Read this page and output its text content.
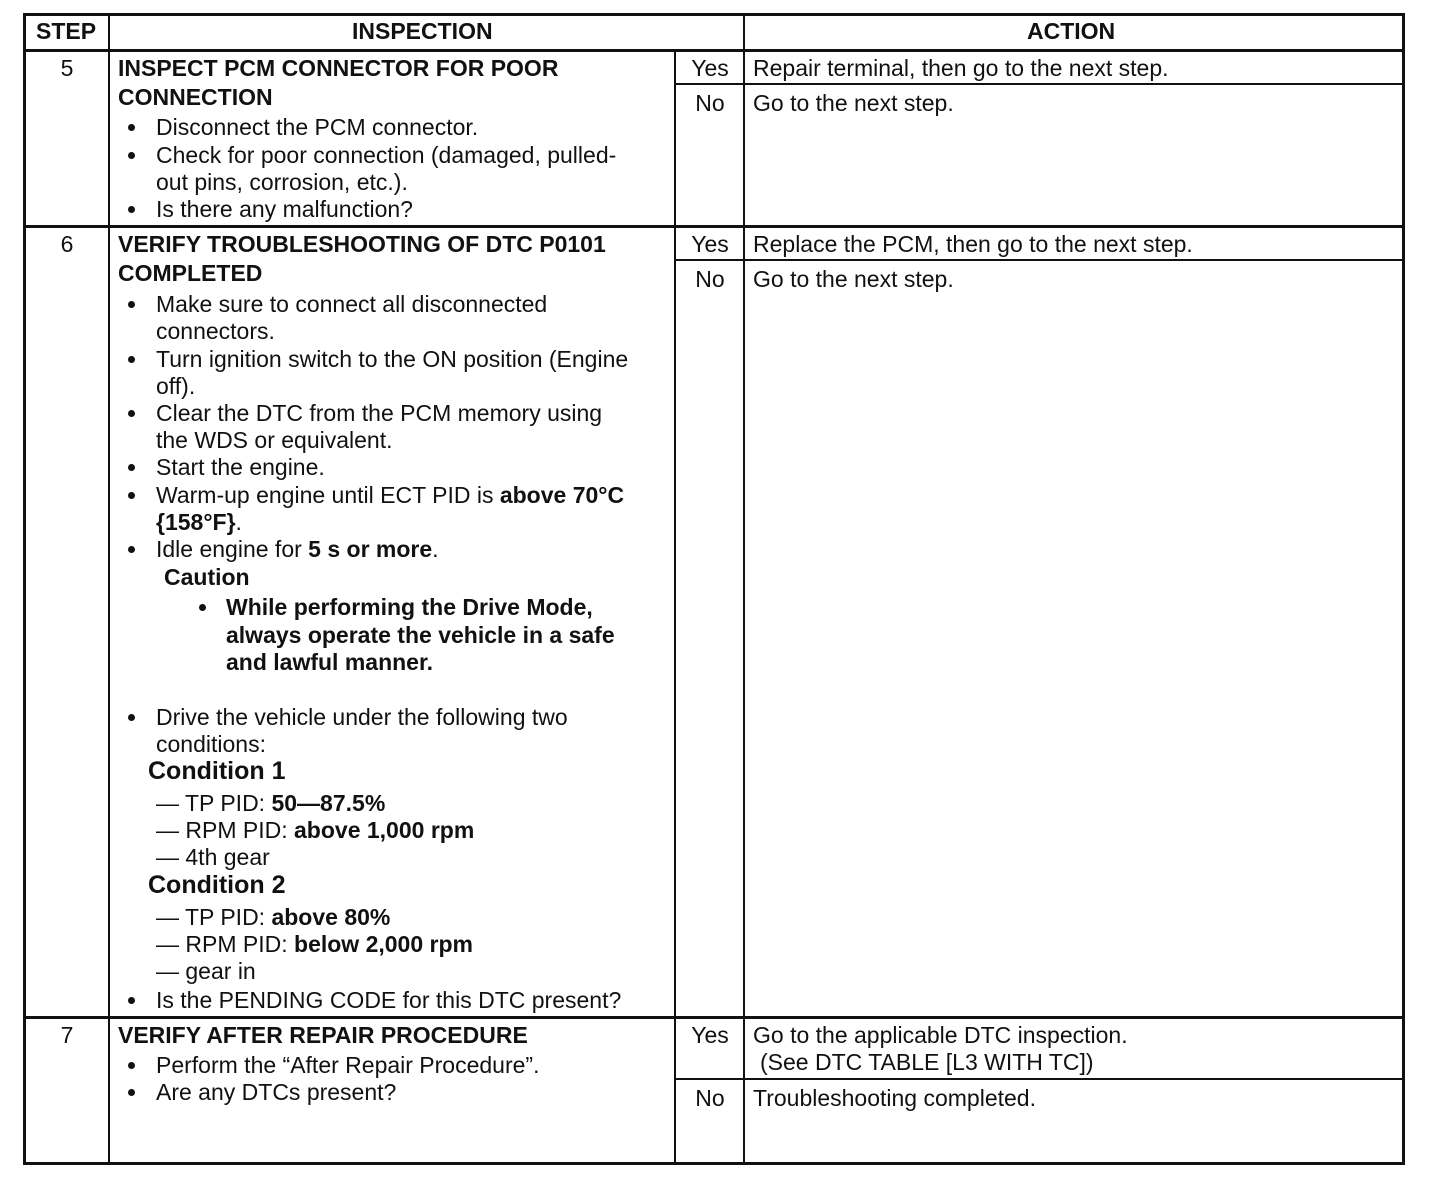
STEP	INSPECTION	ACTION
5	INSPECT PCM CONNECTOR FOR POOR
CONNECTION
Disconnect the PCM connector.
Check for poor connection (damaged, pulled-
out pins, corrosion, etc.).
Is there any malfunction?
Yes	Repair terminal, then go to the next step.
No	Go to the next step.
6	VERIFY TROUBLESHOOTING OF DTC P0101
COMPLETED
Make sure to connect all disconnected
connectors.
Turn ignition switch to the ON position (Engine
off).
Clear the DTC from the PCM memory using
the WDS or equivalent.
Start the engine.
Warm-up engine until ECT PID is above 70°C
{158°F}.
Idle engine for 5 s or more.
Caution
While performing the Drive Mode,
always operate the vehicle in a safe
and lawful manner.
Drive the vehicle under the following two
conditions:
Condition 1
— TP PID: 50—87.5%
— RPM PID: above 1,000 rpm
— 4th gear
Condition 2
— TP PID: above 80%
— RPM PID: below 2,000 rpm
— gear in
Is the PENDING CODE for this DTC present?
Yes	Replace the PCM, then go to the next step.
No	Go to the next step.
7	VERIFY AFTER REPAIR PROCEDURE
Perform the “After Repair Procedure”.
Are any DTCs present?
Yes	Go to the applicable DTC inspection.
(See DTC TABLE [L3 WITH TC])
No	Troubleshooting completed.
